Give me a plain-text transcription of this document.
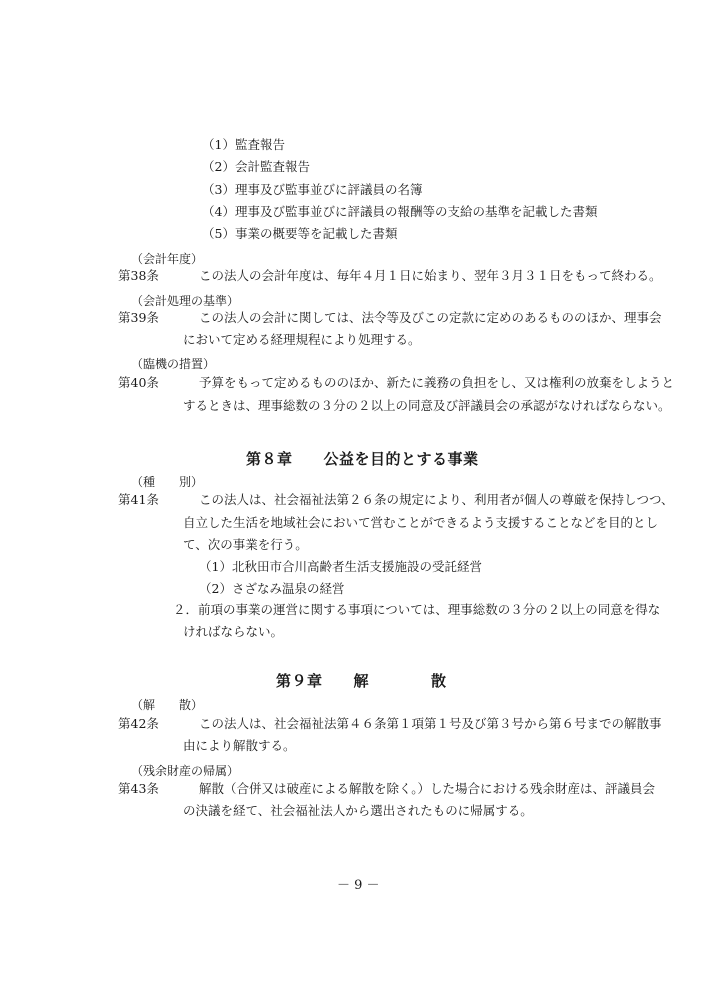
（1）監査報告
（2）会計監査報告
（3）理事及び監事並びに評議員の名簿
（4）理事及び監事並びに評議員の報酬等の支給の基準を記載した書類
（5）事業の概要等を記載した書類
（会計年度）
第38条	この法人の会計年度は、毎年４月１日に始まり、翌年３月３１日をもって終わる。
（会計処理の基準）
第39条	この法人の会計に関しては、法令等及びこの定款に定めのあるもののほか、理事会
において定める経理規程により処理する。
（臨機の措置）
第40条	予算をもって定めるもののほか、新たに義務の負担をし、又は権利の放棄をしようと
するときは、理事総数の３分の２以上の同意及び評議員会の承認がなければならない。
第８章　　公益を目的とする事業
（種　　別）
第41条	この法人は、社会福祉法第２６条の規定により、利用者が個人の尊厳を保持しつつ、
自立した生活を地域社会において営むことができるよう支援することなどを目的とし
て、次の事業を行う。
（1）北秋田市合川高齢者生活支援施設の受託経営
（2）さざなみ温泉の経営
２．前項の事業の運営に関する事項については、理事総数の３分の２以上の同意を得な
ければならない。
第９章　　解　　　　散
（解　　散）
第42条	この法人は、社会福祉法第４６条第１項第１号及び第３号から第６号までの解散事
由により解散する。
（残余財産の帰属）
第43条	解散（合併又は破産による解散を除く。）した場合における残余財産は、評議員会
の決議を経て、社会福祉法人から選出されたものに帰属する。
－ 9 －
